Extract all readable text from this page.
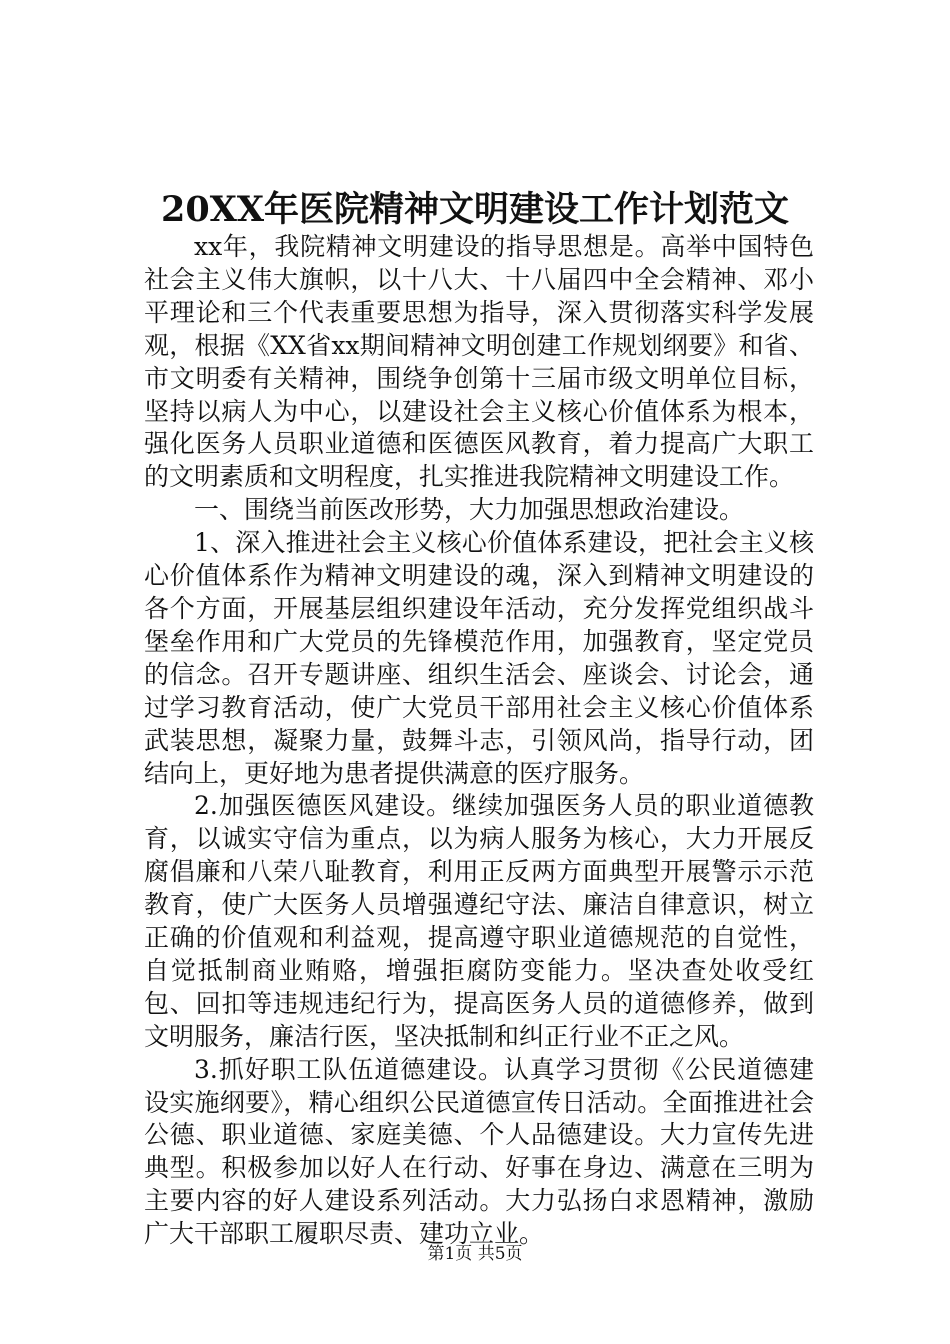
20XX年医院精神文明建设工作计划范文

xx年，我院精神文明建设的指导思想是。高举中国特色社会主义伟大旗帜，以十八大、十八届四中全会精神、邓小平理论和三个代表重要思想为指导，深入贯彻落实科学发展观，根据《XX省xx期间精神文明创建工作规划纲要》和省、市文明委有关精神，围绕争创第十三届市级文明单位目标，坚持以病人为中心，以建设社会主义核心价值体系为根本，强化医务人员职业道德和医德医风教育，着力提高广大职工的文明素质和文明程度，扎实推进我院精神文明建设工作。

一、围绕当前医改形势，大力加强思想政治建设。

1、深入推进社会主义核心价值体系建设，把社会主义核心价值体系作为精神文明建设的魂，深入到精神文明建设的各个方面，开展基层组织建设年活动，充分发挥党组织战斗堡垒作用和广大党员的先锋模范作用，加强教育，坚定党员的信念。召开专题讲座、组织生活会、座谈会、讨论会，通过学习教育活动，使广大党员干部用社会主义核心价值体系武装思想，凝聚力量，鼓舞斗志，引领风尚，指导行动，团结向上，更好地为患者提供满意的医疗服务。

2.加强医德医风建设。继续加强医务人员的职业道德教育，以诚实守信为重点，以为病人服务为核心，大力开展反腐倡廉和八荣八耻教育，利用正反两方面典型开展警示示范教育，使广大医务人员增强遵纪守法、廉洁自律意识，树立正确的价值观和利益观，提高遵守职业道德规范的自觉性，自觉抵制商业贿赂，增强拒腐防变能力。坚决查处收受红包、回扣等违规违纪行为，提高医务人员的道德修养，做到文明服务，廉洁行医，坚决抵制和纠正行业不正之风。

3.抓好职工队伍道德建设。认真学习贯彻《公民道德建设实施纲要》，精心组织公民道德宣传日活动。全面推进社会公德、职业道德、家庭美德、个人品德建设。大力宣传先进典型。积极参加以好人在行动、好事在身边、满意在三明为主要内容的好人建设系列活动。大力弘扬白求恩精神，激励广大干部职工履职尽责、建功立业。

第1页 共5页
